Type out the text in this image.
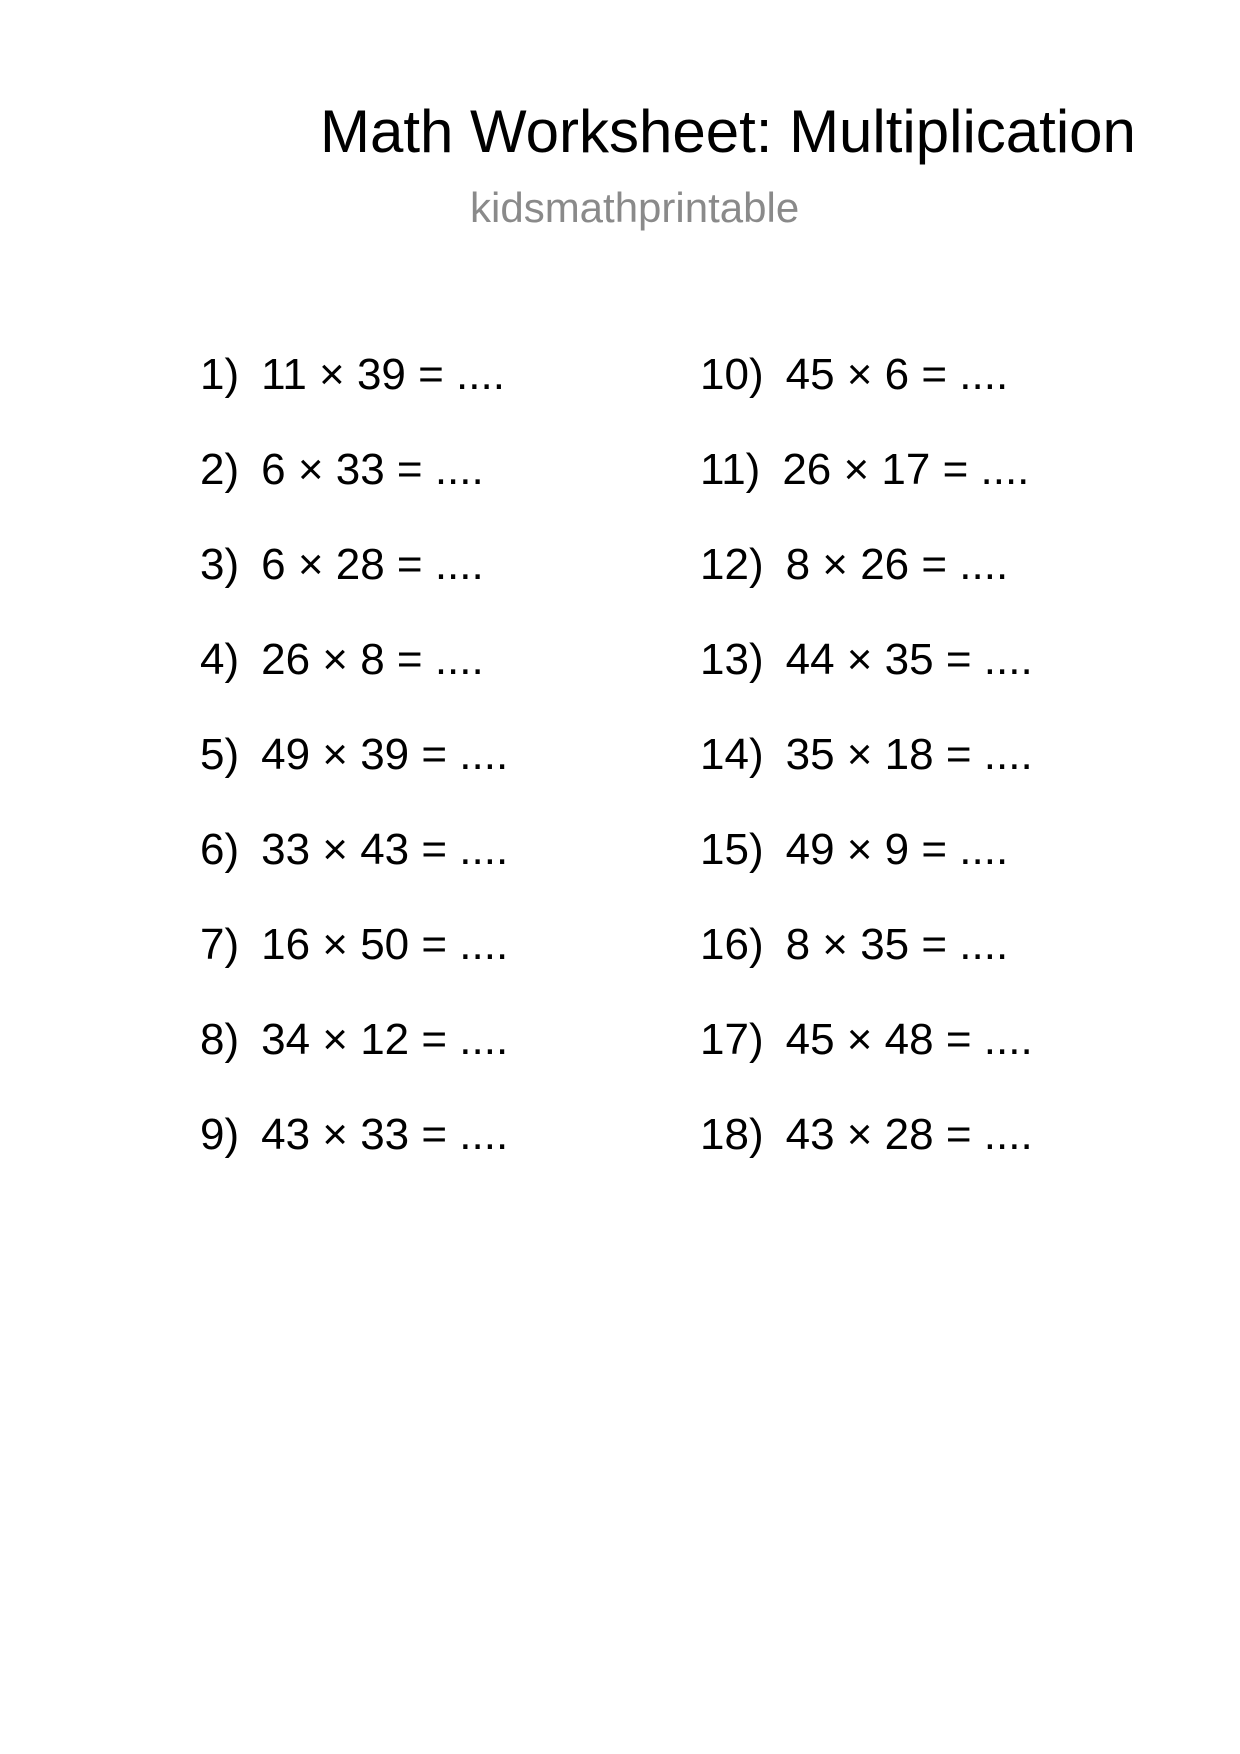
Math Worksheet: Multiplication
kidsmathprintable
1) 11 × 39 = ....
2) 6 × 33 = ....
3) 6 × 28 = ....
4) 26 × 8 = ....
5) 49 × 39 = ....
6) 33 × 43 = ....
7) 16 × 50 = ....
8) 34 × 12 = ....
9) 43 × 33 = ....
10) 45 × 6 = ....
11) 26 × 17 = ....
12) 8 × 26 = ....
13) 44 × 35 = ....
14) 35 × 18 = ....
15) 49 × 9 = ....
16) 8 × 35 = ....
17) 45 × 48 = ....
18) 43 × 28 = ....
